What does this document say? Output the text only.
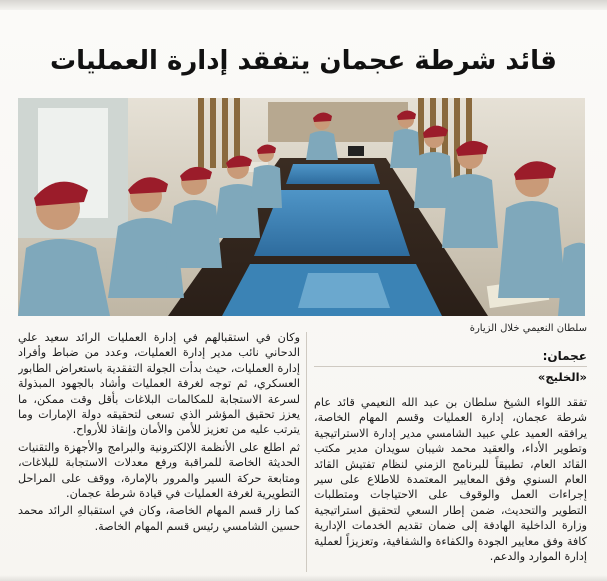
قائد شرطة عجمان يتفقد إدارة العمليات
سلطان النعيمي خلال الزيارة
عجمان:
«الخليج»

تفقد اللواء الشيخ سلطان بن عبد الله النعيمي قائد عام شرطة عجمان، إدارة العمليات وقسم المهام الخاصة، يرافقه العميد علي عبيد الشامسي مدير إدارة الاستراتيجية وتطوير الأداء، والعقيد محمد شيبان سويدان مدير مكتب القائد العام، تطبيقاً للبرنامج الزمني لنظام تفتيش القائد العام السنوي وفق المعايير المعتمدة للاطلاع على سير إجراءات العمل والوقوف على الاحتياجات ومتطلبات التطوير والتحديث، ضمن إطار السعي لتحقيق استراتيجية وزارة الداخلية الهادفة إلى ضمان تقديم الخدمات الإدارية كافة وفق معايير الجودة والكفاءة والشفافية، وتعزيزاً لعملية إدارة الموارد والدعم.

وكان في استقبالهم في إدارة العمليات الرائد سعيد علي الدحاني نائب مدير إدارة العمليات، وعدد من ضباط وأفراد إدارة العمليات، حيث بدأت الجولة التفقدية باستعراض الطابور العسكري، ثم توجه لغرفة العمليات وأشاد بالجهود المبذولة لسرعة الاستجابة للمكالمات البلاغات بأقل وقت ممكن، ما يعزز تحقيق المؤشر الذي تسعى لتحقيقه دولة الإمارات وما يترتب عليه من تعزيز للأمن والأمان وإنقاذ للأرواح.

ثم اطلع على الأنظمة الإلكترونية والبرامج والأجهزة والتقنيات الحديثة الخاصة للمراقبة ورفع معدلات الاستجابة للبلاغات، ومتابعة حركة السير والمرور بالإمارة، ووقف على المراحل التطويرية لغرفة العمليات في قيادة شرطة عجمان.

كما زار قسم المهام الخاصة، وكان في استقبالهِ الرائد محمد حسين الشامسي رئيس قسم المهام الخاصة.
